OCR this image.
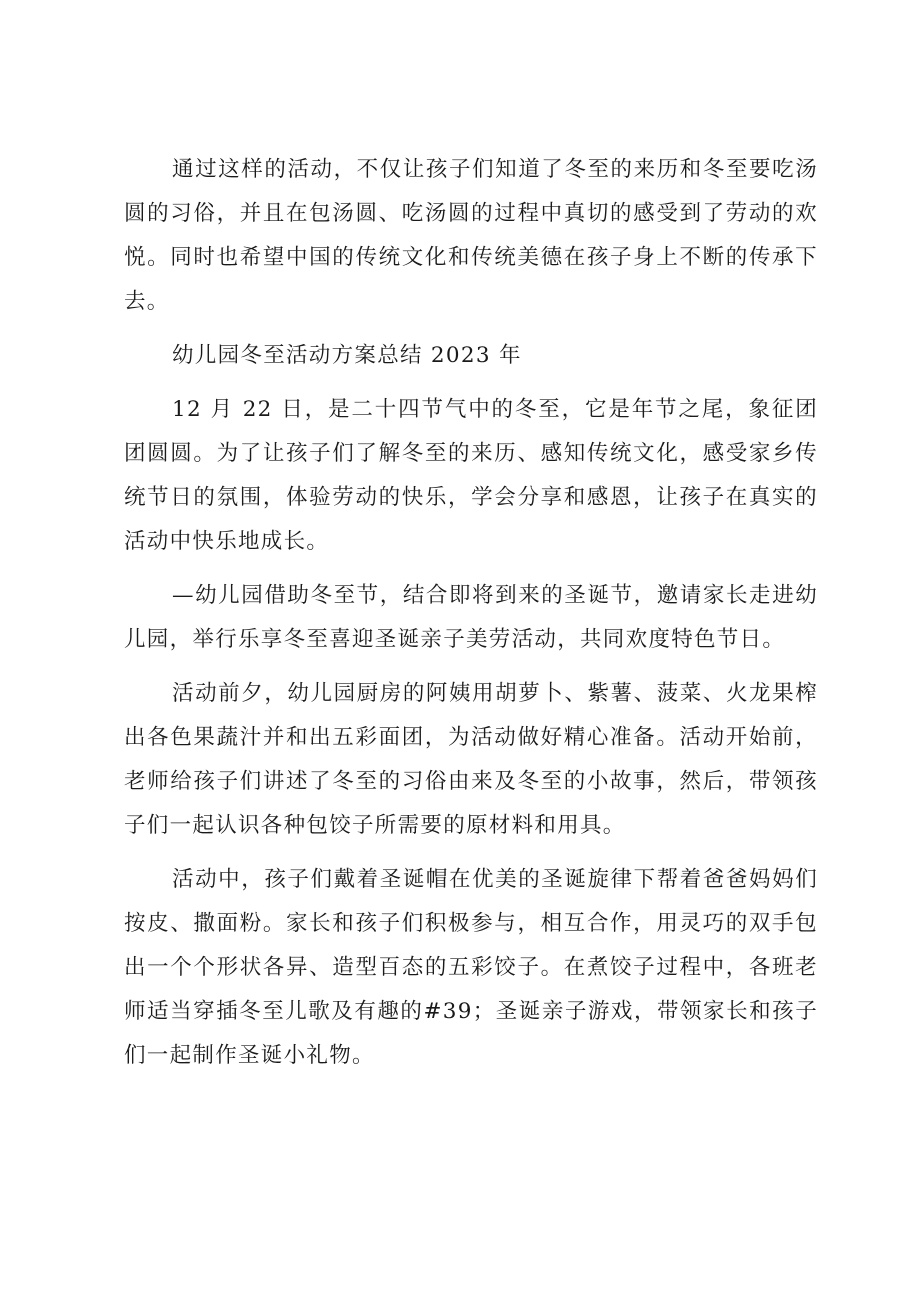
通过这样的活动，不仅让孩子们知道了冬至的来历和冬至要吃汤圆的习俗，并且在包汤圆、吃汤圆的过程中真切的感受到了劳动的欢悦。同时也希望中国的传统文化和传统美德在孩子身上不断的传承下去。

幼儿园冬至活动方案总结 2023 年

12 月 22 日，是二十四节气中的冬至，它是年节之尾，象征团团圆圆。为了让孩子们了解冬至的来历、感知传统文化，感受家乡传统节日的氛围，体验劳动的快乐，学会分享和感恩，让孩子在真实的活动中快乐地成长。

—幼儿园借助冬至节，结合即将到来的圣诞节，邀请家长走进幼儿园，举行乐享冬至喜迎圣诞亲子美劳活动，共同欢度特色节日。

活动前夕，幼儿园厨房的阿姨用胡萝卜、紫薯、菠菜、火龙果榨出各色果蔬汁并和出五彩面团，为活动做好精心准备。活动开始前，老师给孩子们讲述了冬至的习俗由来及冬至的小故事，然后，带领孩子们一起认识各种包饺子所需要的原材料和用具。

活动中，孩子们戴着圣诞帽在优美的圣诞旋律下帮着爸爸妈妈们按皮、撒面粉。家长和孩子们积极参与，相互合作，用灵巧的双手包出一个个形状各异、造型百态的五彩饺子。在煮饺子过程中，各班老师适当穿插冬至儿歌及有趣的#39；圣诞亲子游戏，带领家长和孩子们一起制作圣诞小礼物。
